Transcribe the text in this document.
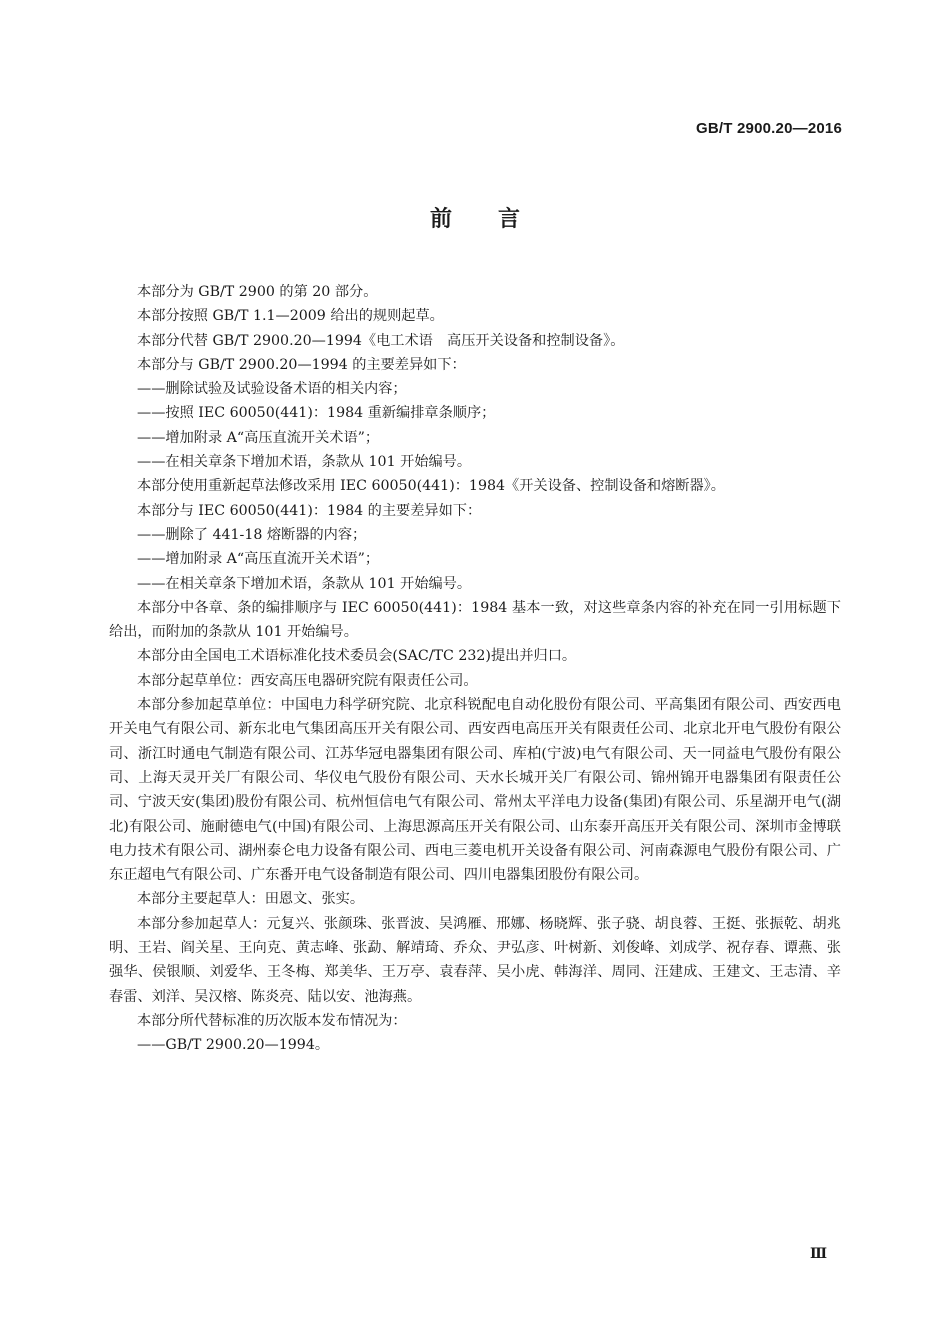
GB/T 2900.20—2016
前 言

本部分为 GB/T 2900 的第 20 部分。

本部分按照 GB/T 1.1—2009 给出的规则起草。

本部分代替 GB/T 2900.20—1994《电工术语　高压开关设备和控制设备》。

本部分与 GB/T 2900.20—1994 的主要差异如下：

——删除试验及试验设备术语的相关内容；

——按照 IEC 60050(441)：1984 重新编排章条顺序；

——增加附录 A“高压直流开关术语”；

——在相关章条下增加术语，条款从 101 开始编号。

本部分使用重新起草法修改采用 IEC 60050(441)：1984《开关设备、控制设备和熔断器》。

本部分与 IEC 60050(441)：1984 的主要差异如下：

——删除了 441-18 熔断器的内容；

——增加附录 A“高压直流开关术语”；

——在相关章条下增加术语，条款从 101 开始编号。

本部分中各章、条的编排顺序与 IEC 60050(441)：1984 基本一致，对这些章条内容的补充在同一引用标题下给出，而附加的条款从 101 开始编号。

本部分由全国电工术语标准化技术委员会(SAC/TC 232)提出并归口。

本部分起草单位：西安高压电器研究院有限责任公司。

本部分参加起草单位：中国电力科学研究院、北京科锐配电自动化股份有限公司、平高集团有限公司、西安西电开关电气有限公司、新东北电气集团高压开关有限公司、西安西电高压开关有限责任公司、北京北开电气股份有限公司、浙江时通电气制造有限公司、江苏华冠电器集团有限公司、库柏(宁波)电气有限公司、天一同益电气股份有限公司、上海天灵开关厂有限公司、华仪电气股份有限公司、天水长城开关厂有限公司、锦州锦开电器集团有限责任公司、宁波天安(集团)股份有限公司、杭州恒信电气有限公司、常州太平洋电力设备(集团)有限公司、乐星湖开电气(湖北)有限公司、施耐德电气(中国)有限公司、上海思源高压开关有限公司、山东泰开高压开关有限公司、深圳市金博联电力技术有限公司、湖州泰仑电力设备有限公司、西电三菱电机开关设备有限公司、河南森源电气股份有限公司、广东正超电气有限公司、广东番开电气设备制造有限公司、四川电器集团股份有限公司。

本部分主要起草人：田恩文、张实。

本部分参加起草人：元复兴、张颜珠、张晋波、吴鸿雁、邢娜、杨晓辉、张子骁、胡良蓉、王挺、张振乾、胡兆明、王岩、阎关星、王向克、黄志峰、张勐、解靖琦、乔众、尹弘彦、叶树新、刘俊峰、刘成学、祝存春、谭燕、张强华、侯银顺、刘爱华、王冬梅、郑美华、王万亭、袁春萍、吴小虎、韩海洋、周同、汪建成、王建文、王志清、辛春雷、刘洋、吴汉榕、陈炎亮、陆以安、池海燕。

本部分所代替标准的历次版本发布情况为：

——GB/T 2900.20—1994。

Ⅲ
